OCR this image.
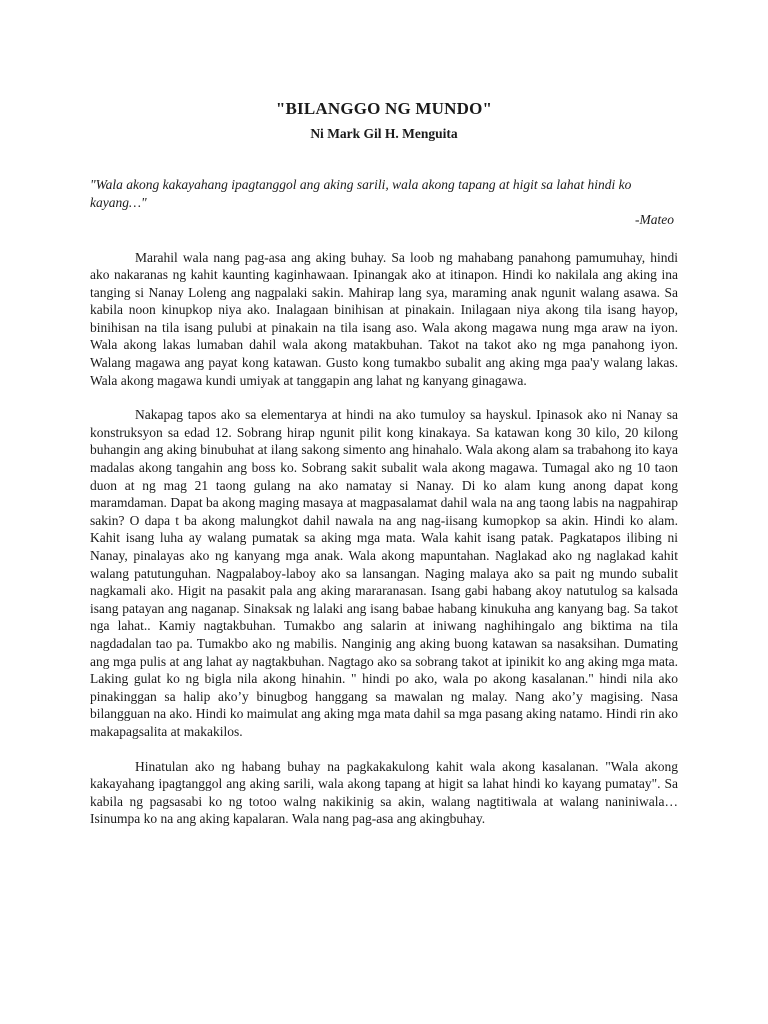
"BILANGGO NG MUNDO"

Ni Mark Gil H. Menguita

"Wala akong kakayahang ipagtanggol ang aking sarili, wala akong tapang at higit sa lahat hindi ko kayang…"

-Mateo

Marahil wala nang pag-asa ang aking buhay. Sa loob ng mahabang panahong pamumuhay, hindi ako nakaranas ng kahit kaunting kaginhawaan. Ipinangak ako at itinapon. Hindi ko nakilala ang aking ina tanging si Nanay Loleng ang nagpalaki sakin. Mahirap lang sya, maraming anak ngunit walang asawa. Sa kabila noon kinupkop niya ako. Inalagaan binihisan at pinakain. Inilagaan niya akong tila isang hayop, binihisan na tila isang pulubi at pinakain na tila isang aso. Wala akong magawa nung mga araw na iyon. Wala akong lakas lumaban dahil wala akong matakbuhan. Takot na takot ako ng mga panahong iyon. Walang magawa ang payat kong katawan. Gusto kong tumakbo subalit ang aking mga paa'y walang lakas. Wala akong magawa kundi umiyak at tanggapin ang lahat ng kanyang ginagawa.

Nakapag tapos ako sa elementarya at hindi na ako tumuloy sa hayskul. Ipinasok ako ni Nanay sa konstruksyon sa edad 12. Sobrang hirap ngunit pilit kong kinakaya. Sa katawan kong 30 kilo, 20 kilong buhangin ang aking binubuhat at ilang sakong simento ang hinahalo. Wala akong alam sa trabahong ito kaya madalas akong tangahin ang boss ko. Sobrang sakit subalit wala akong magawa. Tumagal ako ng 10 taon duon at ng mag 21 taong gulang na ako namatay si Nanay. Di ko alam kung anong dapat kong maramdaman. Dapat ba akong maging masaya at magpasalamat dahil wala na ang taong labis na nagpahirap sakin? O dapa t ba akong malungkot dahil nawala na ang nag-iisang kumopkop sa akin. Hindi ko alam. Kahit isang luha ay walang pumatak sa aking mga mata. Wala kahit isang patak. Pagkatapos ilibing ni Nanay, pinalayas ako ng kanyang mga anak. Wala akong mapuntahan. Naglakad ako ng naglakad kahit walang patutunguhan. Nagpalaboy-laboy ako sa lansangan. Naging malaya ako sa pait ng mundo subalit nagkamali ako. Higit na pasakit pala ang aking mararanasan. Isang gabi habang akoy natutulog sa kalsada isang patayan ang naganap. Sinaksak ng lalaki ang isang babae habang kinukuha ang kanyang bag. Sa takot nga lahat.. Kamiy nagtakbuhan. Tumakbo ang salarin at iniwang naghihingalo ang biktima na tila nagdadalan tao pa. Tumakbo ako ng mabilis. Nanginig ang aking buong katawan sa nasaksihan. Dumating ang mga pulis at ang lahat ay nagtakbuhan. Nagtago ako sa sobrang takot at ipinikit ko ang aking mga mata. Laking gulat ko ng bigla nila akong hinahin. " hindi po ako, wala po akong kasalanan." hindi nila ako pinakinggan sa halip ako’y binugbog hanggang sa mawalan ng malay. Nang ako’y magising. Nasa bilangguan na ako. Hindi ko maimulat ang aking mga mata dahil sa mga pasang aking natamo. Hindi rin ako makapagsalita at makakilos.

Hinatulan ako ng habang buhay na pagkakakulong kahit wala akong kasalanan. "Wala akong kakayahang ipagtanggol ang aking sarili, wala akong tapang at higit sa lahat hindi ko kayang pumatay". Sa kabila ng pagsasabi ko ng totoo walng nakikinig sa akin, walang nagtitiwala at walang naniniwala… Isinumpa ko na ang aking kapalaran. Wala nang pag-asa ang akingbuhay.
